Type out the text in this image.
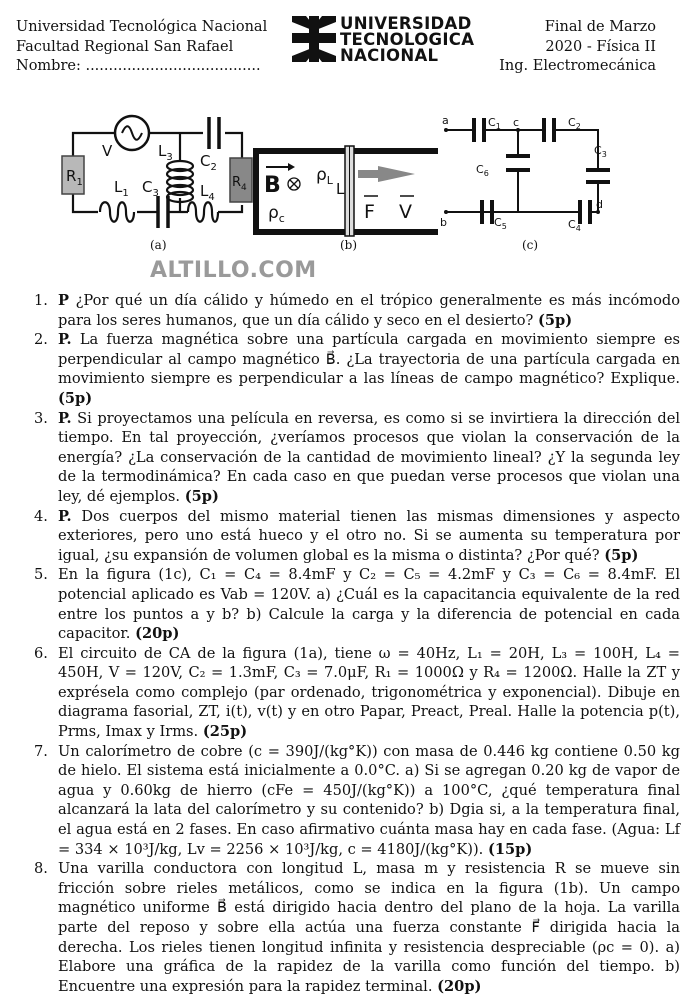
Universidad Tecnológica Nacional
Facultad Regional San Rafael
Nombre: ......................................
UNIVERSIDAD
TECNOLOGICA
NACIONAL
Final de Marzo
2020 - Física II
Ing. Electromecánica
$R_1$
V
$L_1$ $C_3$
$L_3$ $C_2$
$L_4$
$R_4$
(a)
B $\rho_L$ L
$\rho_c$	F V
(b)
a
b
c
d
$C_1$	$C_2$
$C_3$
$C_6$
$C_5$	$C_4$
(c)
ALTILLO.COM
1. P ¿Por qué un día cálido y húmedo en el trópico generalmente es más incómodo para los seres humanos, que un día cálido y seco en el desierto? (5p)
2. P. La fuerza magnética sobre una partícula cargada en movimiento siempre es perpendicular al campo magnético B⃗. ¿La trayectoria de una partícula cargada en movimiento siempre es perpendicular a las líneas de campo magnético? Explique. (5p)
3. P. Si proyectamos una película en reversa, es como si se invirtiera la dirección del tiempo. En tal proyección, ¿veríamos procesos que violan la conservación de la energía? ¿La conservación de la cantidad de movimiento lineal? ¿Y la segunda ley de la termodinámica? En cada caso en que puedan verse procesos que violan una ley, dé ejemplos. (5p)
4. P. Dos cuerpos del mismo material tienen las mismas dimensiones y aspecto exteriores, pero uno está hueco y el otro no. Si se aumenta su temperatura por igual, ¿su expansión de volumen global es la misma o distinta? ¿Por qué? (5p)
5. En la figura (1c), C₁ = C₄ = 8.4mF y C₂ = C₅ = 4.2mF y C₃ = C₆ = 8.4mF. El potencial aplicado es Vab = 120V. a) ¿Cuál es la capacitancia equivalente de la red entre los puntos a y b? b) Calcule la carga y la diferencia de potencial en cada capacitor. (20p)
6. El circuito de CA de la figura (1a), tiene ω = 40Hz, L₁ = 20H, L₃ = 100H, L₄ = 450H, V = 120V, C₂ = 1.3mF, C₃ = 7.0μF, R₁ = 1000Ω y R₄ = 1200Ω. Halle la ZT y exprésela como complejo (par ordenado, trigonométrica y exponencial). Dibuje en diagrama fasorial, ZT, i(t), v(t) y en otro Papar, Preact, Preal. Halle la potencia p(t), Prms, Imax y Irms. (25p)
7. Un calorímetro de cobre (c = 390J/(kg°K)) con masa de 0.446 kg contiene 0.50 kg de hielo. El sistema está inicialmente a 0.0°C. a) Si se agregan 0.20 kg de vapor de agua y 0.60kg de hierro (cFe = 450J/(kg°K)) a 100°C, ¿qué temperatura final alcanzará la lata del calorímetro y su contenido? b) Dgia si, a la temperatura final, el agua está en 2 fases. En caso afirmativo cuánta masa hay en cada fase. (Agua: Lf = 334 × 10³J/kg, Lv = 2256 × 10³J/kg, c = 4180J/(kg°K)). (15p)
8. Una varilla conductora con longitud L, masa m y resistencia R se mueve sin fricción sobre rieles metálicos, como se indica en la figura (1b). Un campo magnético uniforme B⃗ está dirigido hacia dentro del plano de la hoja. La varilla parte del reposo y sobre ella actúa una fuerza constante F⃗ dirigida hacia la derecha. Los rieles tienen longitud infinita y resistencia despreciable (ρc = 0). a) Elabore una gráfica de la rapidez de la varilla como función del tiempo. b) Encuentre una expresión para la rapidez terminal. (20p)
